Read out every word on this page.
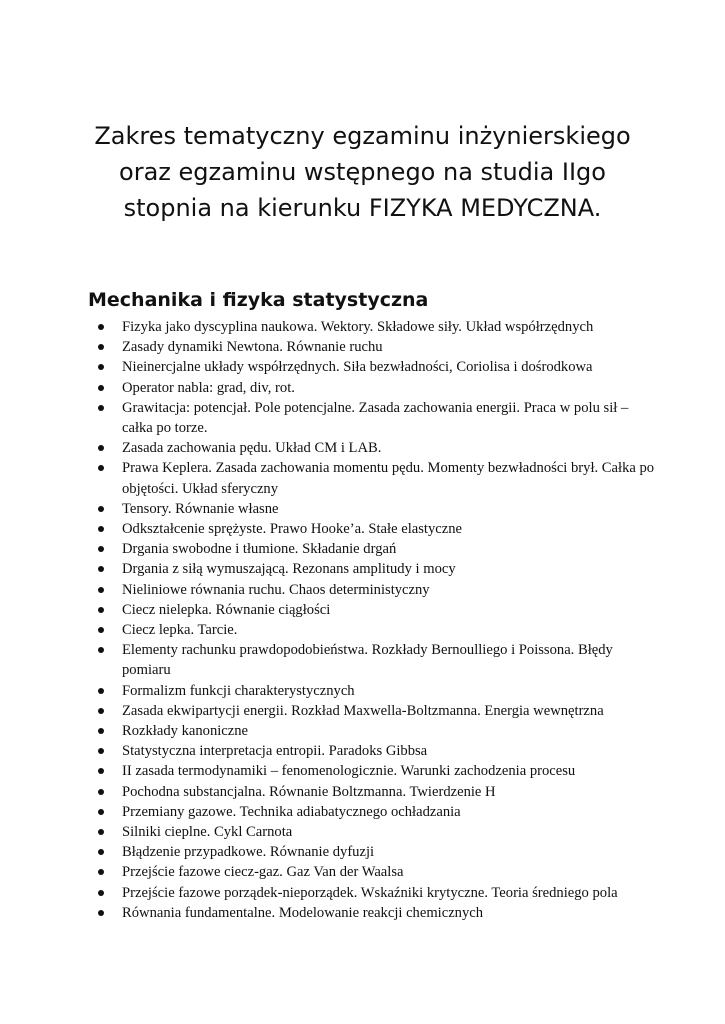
Zakres tematyczny egzaminu inżynierskiego
oraz egzaminu wstępnego na studia IIgo
stopnia na kierunku FIZYKA MEDYCZNA.
Mechanika i fizyka statystyczna
Fizyka jako dyscyplina naukowa. Wektory. Składowe siły. Układ współrzędnych
Zasady dynamiki Newtona. Równanie ruchu
Nieinercjalne układy współrzędnych. Siła bezwładności, Coriolisa i dośrodkowa
Operator nabla: grad, div, rot.
Grawitacja: potencjał. Pole potencjalne. Zasada zachowania energii. Praca w polu sił – całka po torze.
Zasada zachowania pędu. Układ CM i LAB.
Prawa Keplera. Zasada zachowania momentu pędu. Momenty bezwładności brył. Całka po objętości. Układ sferyczny
Tensory. Równanie własne
Odkształcenie sprężyste. Prawo Hooke’a. Stałe elastyczne
Drgania swobodne i tłumione. Składanie drgań
Drgania z siłą wymuszającą. Rezonans amplitudy i mocy
Nieliniowe równania ruchu. Chaos deterministyczny
Ciecz nielepka. Równanie ciągłości
Ciecz lepka. Tarcie.
Elementy rachunku prawdopodobieństwa. Rozkłady Bernoulliego i Poissona. Błędy pomiaru
Formalizm funkcji charakterystycznych
Zasada ekwipartycji energii. Rozkład Maxwella-Boltzmanna. Energia wewnętrzna
Rozkłady kanoniczne
Statystyczna interpretacja entropii. Paradoks Gibbsa
II zasada termodynamiki – fenomenologicznie. Warunki zachodzenia procesu
Pochodna substancjalna. Równanie Boltzmanna. Twierdzenie H
Przemiany gazowe. Technika adiabatycznego ochładzania
Silniki cieplne. Cykl Carnota
Błądzenie przypadkowe. Równanie dyfuzji
Przejście fazowe ciecz-gaz. Gaz Van der Waalsa
Przejście fazowe porządek-nieporządek. Wskaźniki krytyczne. Teoria średniego pola
Równania fundamentalne. Modelowanie reakcji chemicznych
